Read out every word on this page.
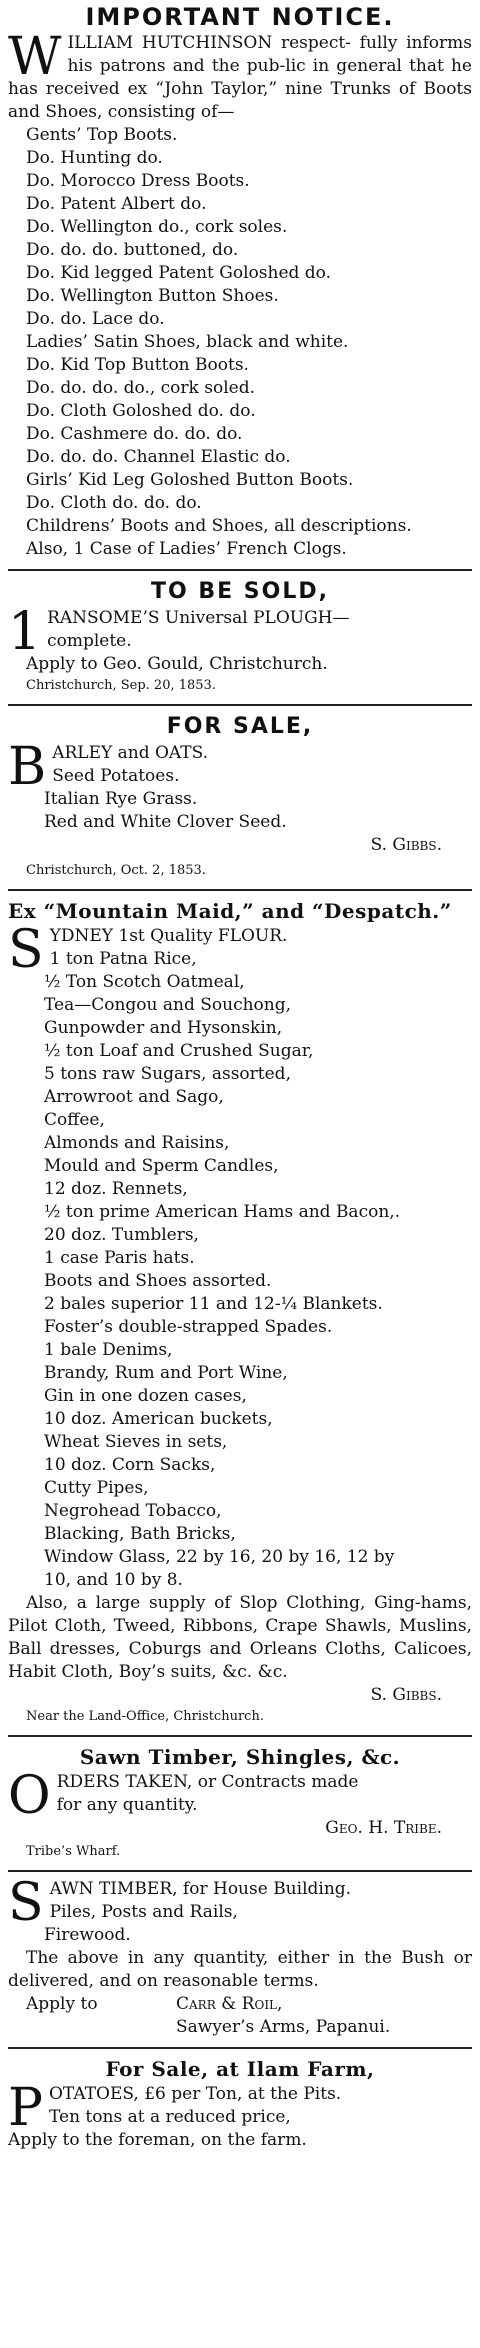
IMPORTANT NOTICE.

WILLIAM HUTCHINSON respect- fully informs his patrons and the pub-lic in general that he has received ex “John Taylor,” nine Trunks of Boots and Shoes, consisting of—

Gents’ Top Boots.
Do. Hunting do.
Do. Morocco Dress Boots.
Do. Patent Albert do.
Do. Wellington do., cork soles.
Do. do. do. buttoned, do.
Do. Kid legged Patent Goloshed do.
Do. Wellington Button Shoes.
Do. do. Lace do.
Ladies’ Satin Shoes, black and white.
Do. Kid Top Button Boots.
Do. do. do. do., cork soled.
Do. Cloth Goloshed do. do.
Do. Cashmere do. do. do.
Do. do. do. Channel Elastic do.
Girls’ Kid Leg Goloshed Button Boots.
Do. Cloth do. do. do.
Childrens’ Boots and Shoes, all descriptions.
Also, 1 Case of Ladies’ French Clogs.
TO BE SOLD,

1 RANSOME’S Universal PLOUGH—
complete.

Apply to Geo. Gould, Christchurch.

Christchurch, Sep. 20, 1853.

FOR SALE,

BARLEY and OATS.

Seed Potatoes.
Italian Rye Grass.
Red and White Clover Seed.

S. Gibbs.

Christchurch, Oct. 2, 1853.

Ex “Mountain Maid,” and “Despatch.”

SYDNEY 1st Quality FLOUR.

1 ton Patna Rice,
½ Ton Scotch Oatmeal,
Tea—Congou and Souchong,
Gunpowder and Hysonskin,
½ ton Loaf and Crushed Sugar,
5 tons raw Sugars, assorted,
Arrowroot and Sago,
Coffee,
Almonds and Raisins,
Mould and Sperm Candles,
12 doz. Rennets,
½ ton prime American Hams and Bacon,.
20 doz. Tumblers,
1 case Paris hats.
Boots and Shoes assorted.
2 bales superior 11 and 12-¼ Blankets.
Foster’s double-strapped Spades.
1 bale Denims,
Brandy, Rum and Port Wine,
Gin in one dozen cases,
10 doz. American buckets,
Wheat Sieves in sets,
10 doz. Corn Sacks,
Cutty Pipes,
Negrohead Tobacco,
Blacking, Bath Bricks,
Window Glass, 22 by 16, 20 by 16, 12 by
10, and 10 by 8.

Also, a large supply of Slop Clothing, Ging-hams, Pilot Cloth, Tweed, Ribbons, Crape Shawls, Muslins, Ball dresses, Coburgs and Orleans Cloths, Calicoes, Habit Cloth, Boy’s suits, &c. &c.

S. Gibbs.

Near the Land-Office, Christchurch.

Sawn Timber, Shingles, &c.

ORDERS TAKEN, or Contracts made
for any quantity.

Geo. H. Tribe.

Tribe’s Wharf.

SAWN TIMBER, for House Building.

Piles, Posts and Rails,
Firewood.

The above in any quantity, either in the Bush or delivered, and on reasonable terms.

Apply to	Carr & Roil,

Sawyer’s Arms, Papanui.

For Sale, at Ilam Farm,

POTATOES, £6 per Ton, at the Pits.
Ten tons at a reduced price,
Apply to the foreman, on the farm.
